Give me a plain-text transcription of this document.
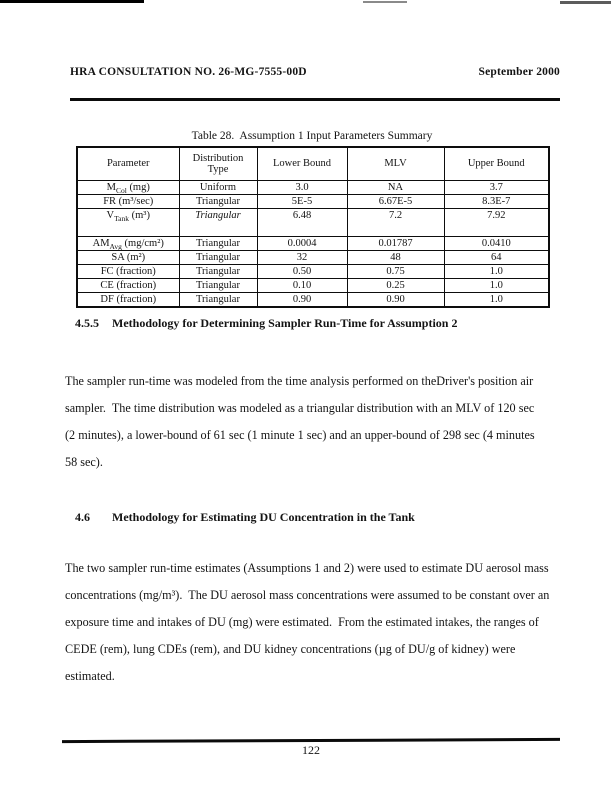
HRA CONSULTATION NO. 26-MG-7555-00D	September 2000
Table 28.  Assumption 1 Input Parameters Summary
Parameter	Distribution Type	Lower Bound	MLV	Upper Bound
$M_{Col}$ (mg)	Uniform	3.0	NA	3.7
FR (m³/sec)	Triangular	5E-5	6.67E-5	8.3E-7
$V_{Tank}$ (m³)	Triangular	6.48	7.2	7.92
$AM_{Avg}$ (mg/cm²)	Triangular	0.0004	0.01787	0.0410
SA (m²)	Triangular	32	48	64
FC (fraction)	Triangular	0.50	0.75	1.0
CE (fraction)	Triangular	0.10	0.25	1.0
DF (fraction)	Triangular	0.90	0.90	1.0
4.5.5 Methodology for Determining Sampler Run-Time for Assumption 2
The sampler run-time was modeled from the time analysis performed on theDriver's position air
sampler.  The time distribution was modeled as a triangular distribution with an MLV of 120 sec
(2 minutes), a lower-bound of 61 sec (1 minute 1 sec) and an upper-bound of 298 sec (4 minutes
58 sec).
4.6 Methodology for Estimating DU Concentration in the Tank
The two sampler run-time estimates (Assumptions 1 and 2) were used to estimate DU aerosol mass
concentrations (mg/m³).  The DU aerosol mass concentrations were assumed to be constant over an
exposure time and intakes of DU (mg) were estimated.  From the estimated intakes, the ranges of
CEDE (rem), lung CDEs (rem), and DU kidney concentrations (µg of DU/g of kidney) were
estimated.
122
